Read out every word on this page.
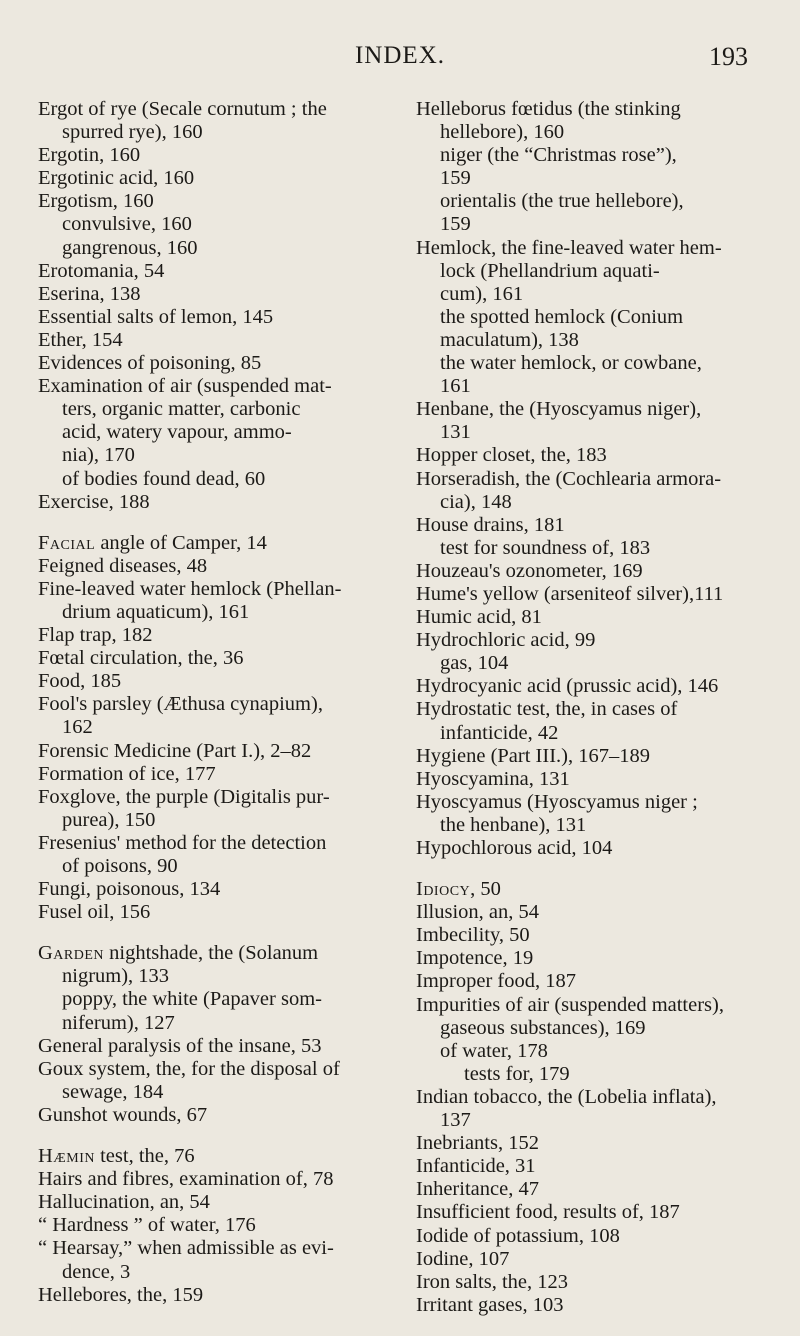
INDEX.	193
Ergot of rye (Secale cornutum ; the
spurred rye), 160
Ergotin, 160
Ergotinic acid, 160
Ergotism, 160
convulsive, 160
gangrenous, 160
Erotomania, 54
Eserina, 138
Essential salts of lemon, 145
Ether, 154
Evidences of poisoning, 85
Examination of air (suspended mat-
ters, organic matter, carbonic
acid, watery vapour, ammo-
nia), 170
of bodies found dead, 60
Exercise, 188
Facial angle of Camper, 14
Feigned diseases, 48
Fine-leaved water hemlock (Phellan-
drium aquaticum), 161
Flap trap, 182
Fœtal circulation, the, 36
Food, 185
Fool's parsley (Æthusa cynapium),
162
Forensic Medicine (Part I.), 2–82
Formation of ice, 177
Foxglove, the purple (Digitalis pur-
purea), 150
Fresenius' method for the detection
of poisons, 90
Fungi, poisonous, 134
Fusel oil, 156
Garden nightshade, the (Solanum
nigrum), 133
poppy, the white (Papaver som-
niferum), 127
General paralysis of the insane, 53
Goux system, the, for the disposal of
sewage, 184
Gunshot wounds, 67
Hæmin test, the, 76
Hairs and fibres, examination of, 78
Hallucination, an, 54
“ Hardness ” of water, 176
“ Hearsay,” when admissible as evi-
dence, 3
Hellebores, the, 159
Helleborus fœtidus (the stinking
hellebore), 160
niger (the “Christmas rose”),
159
orientalis (the true hellebore),
159
Hemlock, the fine-leaved water hem-
lock (Phellandrium aquati-
cum), 161
the spotted hemlock (Conium
maculatum), 138
the water hemlock, or cowbane,
161
Henbane, the (Hyoscyamus niger),
131
Hopper closet, the, 183
Horseradish, the (Cochlearia armora-
cia), 148
House drains, 181
test for soundness of, 183
Houzeau's ozonometer, 169
Hume's yellow (arseniteof silver),111
Humic acid, 81
Hydrochloric acid, 99
gas, 104
Hydrocyanic acid (prussic acid), 146
Hydrostatic test, the, in cases of
infanticide, 42
Hygiene (Part III.), 167–189
Hyoscyamina, 131
Hyoscyamus (Hyoscyamus niger ;
the henbane), 131
Hypochlorous acid, 104
Idiocy, 50
Illusion, an, 54
Imbecility, 50
Impotence, 19
Improper food, 187
Impurities of air (suspended matters),
gaseous substances), 169
of water, 178
tests for, 179
Indian tobacco, the (Lobelia inflata),
137
Inebriants, 152
Infanticide, 31
Inheritance, 47
Insufficient food, results of, 187
Iodide of potassium, 108
Iodine, 107
Iron salts, the, 123
Irritant gases, 103
